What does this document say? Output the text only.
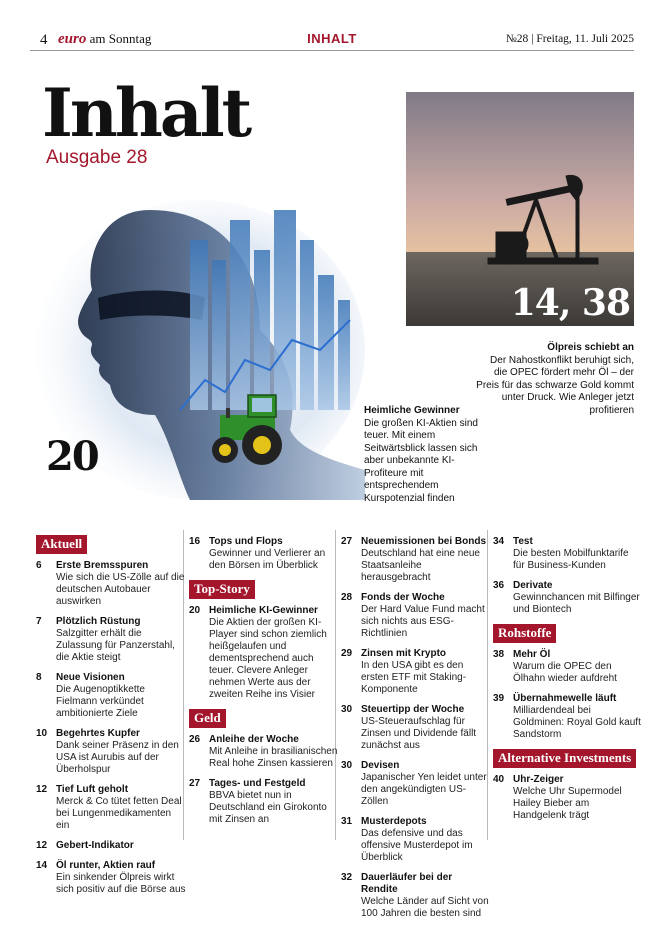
4 euro am Sonntag	INHALT	№28 | Freitag, 11. Juli 2025
Inhalt
Ausgabe 28
20
Heimliche Gewinner
Die großen KI-Aktien sind teuer. Mit einem Seitwärtsblick lassen sich aber unbekannte KI-Profiteure mit entsprechendem Kurspotenzial finden
14, 38
Ölpreis schiebt an
Der Nahostkonflikt beruhigt sich, die OPEC fördert mehr Öl – der Preis für das schwarze Gold kommt unter Druck. Wie Anleger jetzt profitieren
Aktuell
6	Erste Bremsspuren
Wie sich die US-Zölle auf die deutschen Autobauer auswirken
7	Plötzlich Rüstung
Salzgitter erhält die Zulassung für Panzerstahl, die Aktie steigt
8	Neue Visionen
Die Augenoptikkette Fielmann verkündet ambitionierte Ziele
10 Begehrtes Kupfer
Dank seiner Präsenz in den USA ist Aurubis auf der Überholspur
12 Tief Luft geholt
Merck & Co tütet fetten Deal bei Lungenmedikamenten ein
12 Gebert-Indikator
14 Öl runter, Aktien rauf
Ein sinkender Ölpreis wirkt sich positiv auf die Börse aus
16 Tops und Flops
Gewinner und Verlierer an den Börsen im Überblick
Top-Story
20 Heimliche KI-Gewinner
Die Aktien der großen KI-Player sind schon ziemlich heißgelaufen und dementsprechend auch teuer. Clevere Anleger nehmen Werte aus der zweiten Reihe ins Visier
Geld
26 Anleihe der Woche
Mit Anleihe in brasilianischen Real hohe Zinsen kassieren
27 Tages- und Festgeld
BBVA bietet nun in Deutschland ein Girokonto mit Zinsen an
27 Neuemissionen bei Bonds
Deutschland hat eine neue Staatsanleihe herausgebracht
28 Fonds der Woche
Der Hard Value Fund macht sich nichts aus ESG-Richtlinien
29 Zinsen mit Krypto
In den USA gibt es den ersten ETF mit Staking-Komponente
30 Steuertipp der Woche
US-Steueraufschlag für Zinsen und Dividende fällt zunächst aus
30 Devisen
Japanischer Yen leidet unter den angekündigten US-Zöllen
31 Musterdepots
Das defensive und das offensive Musterdepot im Überblick
32 Dauerläufer bei der Rendite
Welche Länder auf Sicht von 100 Jahren die besten sind
34 Test
Die besten Mobilfunktarife für Business-Kunden
36 Derivate
Gewinnchancen mit Bilfinger und Biontech
Rohstoffe
38 Mehr Öl
Warum die OPEC den Ölhahn wieder aufdreht
39 Übernahmewelle läuft
Milliardendeal bei Goldminen: Royal Gold kauft Sandstorm
Alternative Investments
40 Uhr-Zeiger
Welche Uhr Supermodel Hailey Bieber am Handgelenk trägt
